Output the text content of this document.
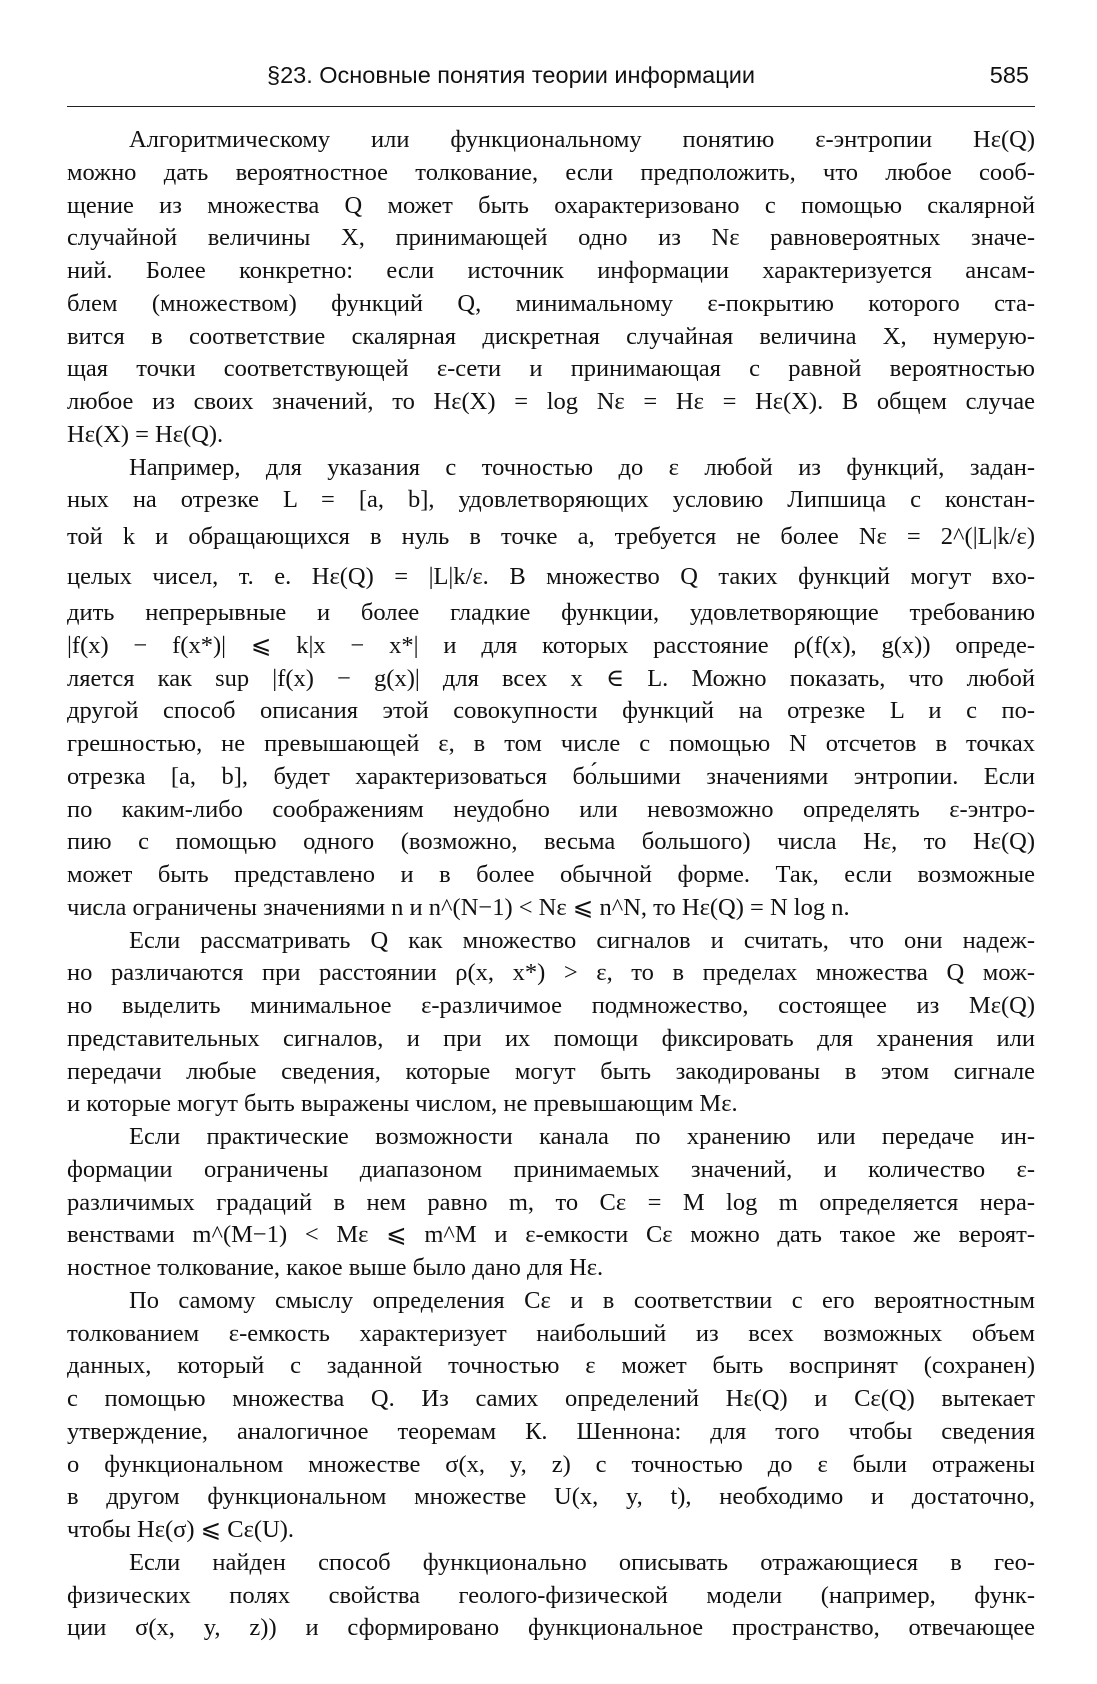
§23. Основные понятия теории информации	585
Алгоритмическому или функциональному понятию ε-энтропии Hε(Q)
можно дать вероятностное толкование, если предположить, что любое сооб-
щение из множества Q может быть охарактеризовано с помощью скалярной
случайной величины X, принимающей одно из Nε равновероятных значе-
ний. Более конкретно: если источник информации характеризуется ансам-
блем (множеством) функций Q, минимальному ε-покрытию которого ста-
вится в соответствие скалярная дискретная случайная величина X, нумерую-
щая точки соответствующей ε-сети и принимающая с равной вероятностью
любое из своих значений, то Hε(X) = log Nε = Hε = Hε(X). В общем случае
Hε(X) = Hε(Q).
Например, для указания с точностью до ε любой из функций, задан-
ных на отрезке L = [a, b], удовлетворяющих условию Липшица с констан-
той k и обращающихся в нуль в точке a, требуется не более Nε = 2^(|L|k/ε)
целых чисел, т. е. Hε(Q) = |L|k/ε. В множество Q таких функций могут вхо-
дить непрерывные и более гладкие функции, удовлетворяющие требованию
|f(x) − f(x*)| ⩽ k|x − x*| и для которых расстояние ρ(f(x), g(x)) опреде-
ляется как sup |f(x) − g(x)| для всех x ∈ L. Можно показать, что любой
другой способ описания этой совокупности функций на отрезке L и с по-
грешностью, не превышающей ε, в том числе с помощью N отсчетов в точках
отрезка [a, b], будет характеризоваться бо́льшими значениями энтропии. Если
по каким-либо соображениям неудобно или невозможно определять ε-энтро-
пию с помощью одного (возможно, весьма большого) числа Hε, то Hε(Q)
может быть представлено и в более обычной форме. Так, если возможные
числа ограничены значениями n и n^(N−1) < Nε ⩽ n^N, то Hε(Q) = N log n.
Если рассматривать Q как множество сигналов и считать, что они надеж-
но различаются при расстоянии ρ(x, x*) > ε, то в пределах множества Q мож-
но выделить минимальное ε-различимое подмножество, состоящее из Mε(Q)
представительных сигналов, и при их помощи фиксировать для хранения или
передачи любые сведения, которые могут быть закодированы в этом сигнале
и которые могут быть выражены числом, не превышающим Mε.
Если практические возможности канала по хранению или передаче ин-
формации ограничены диапазоном принимаемых значений, и количество ε-
различимых градаций в нем равно m, то Cε = M log m определяется нера-
венствами m^(M−1) < Mε ⩽ m^M и ε-емкости Cε можно дать такое же вероят-
ностное толкование, какое выше было дано для Hε.
По самому смыслу определения Cε и в соответствии с его вероятностным
толкованием ε-емкость характеризует наибольший из всех возможных объем
данных, который с заданной точностью ε может быть воспринят (сохранен)
с помощью множества Q. Из самих определений Hε(Q) и Cε(Q) вытекает
утверждение, аналогичное теоремам К. Шеннона: для того чтобы сведения
о функциональном множестве σ(x, y, z) с точностью до ε были отражены
в другом функциональном множестве U(x, y, t), необходимо и достаточно,
чтобы Hε(σ) ⩽ Cε(U).
Если найден способ функционально описывать отражающиеся в гео-
физических полях свойства геолого-физической модели (например, функ-
ции σ(x, y, z)) и сформировано функциональное пространство, отвечающее
